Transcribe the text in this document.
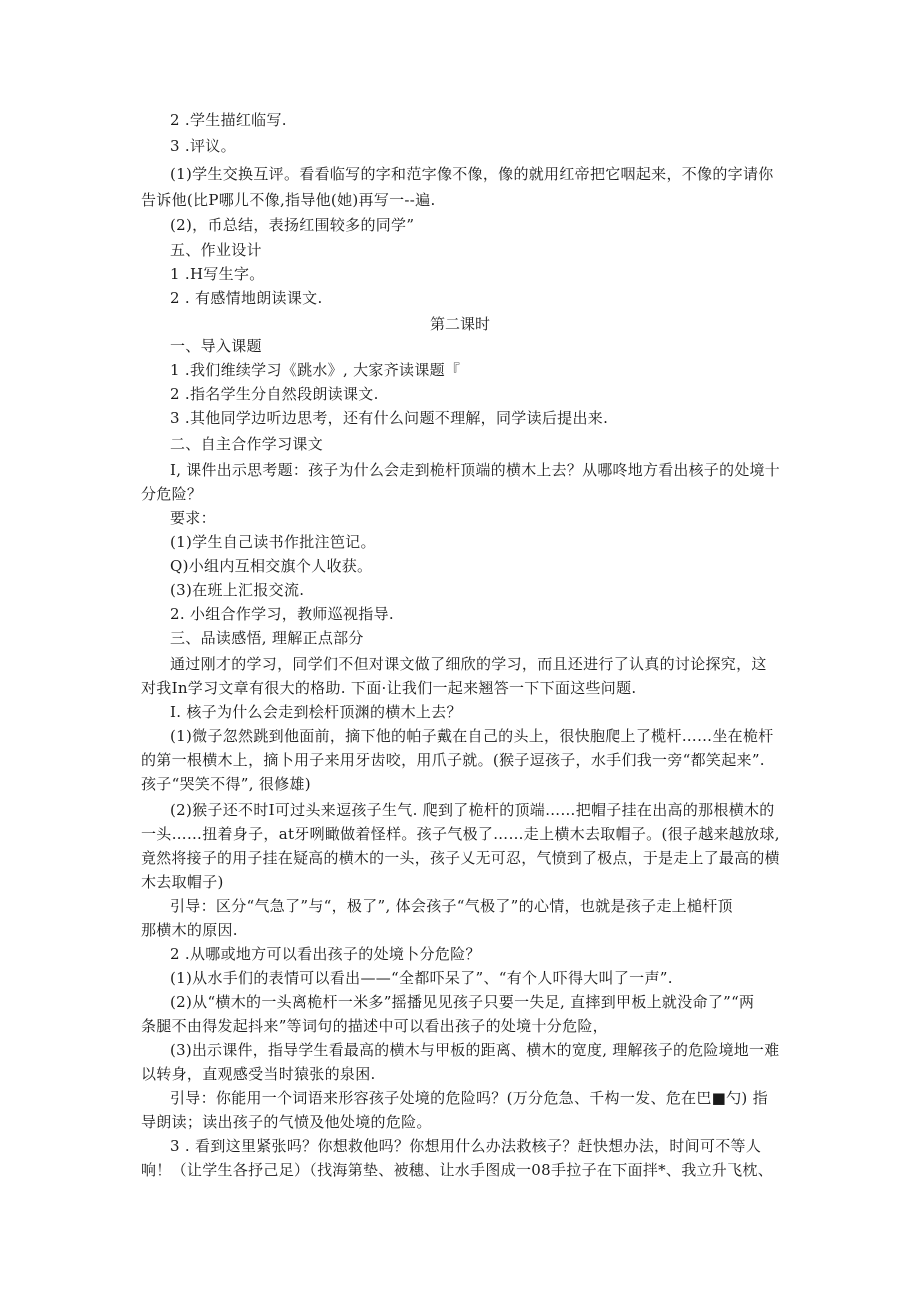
2 .学生描红临写.
3 .评议。
(1)学生交换互评。看看临写的字和范字像不像，像的就用红帝把它咽起来，不像的字请你
告诉他(比P哪儿不像,指导他(她)再写一--遍.
(2)，币总结，表扬红围较多的同学”
五、作业设计
1 .H写生字。
2 . 有感情地朗读课文.
第二课时
一、导入课题
1 .我们维续学习《跳水》, 大家齐读课题『
2 .指名学生分自然段朗读课文.
3 .其他同学边听边思考，还有什么问题不理解，同学读后提出来.
二、自主合作学习课文
I, 课件出示思考题：孩子为什么会走到桅杆顶端的横木上去？从哪咚地方看出核子的处境十
分危险？
要求：
(1)学生自己读书作批注笆记。
Q)小组内互相交旗个人收获。
(3)在班上汇报交流.
2. 小组合作学习，教师巡视指导.
三、品读感悟, 理解正点部分
通过刚才的学习，同学们不但对课文做了细欣的学习，而且还进行了认真的讨论探究，这
对我In学习文章有很大的格助. 下面·让我们一起来翘答一下下面这些问题.
I. 核子为什么会走到桧杆顶渊的横木上去？
(1)微子忽然跳到他面前，摘下他的帕子戴在自己的头上，很快胞爬上了榄杆……坐在桅杆
的第一根横木上，摘卜用子来用牙齿咬，用爪子就。(猴子逗孩子，水手们我一旁“都笑起来”.
孩子“哭笑不得”, 很修雄)
(2)猴子还不时I可过头来逗孩子生气. 爬到了桅杆的顶端……把帽子挂在出高的那根横木的
一头……扭着身子，at牙咧瞰做着怪样。孩子气极了……走上横木去取帽子。(很子越来越放球,
竟然将接子的用子挂在疑高的横木的一头，孩子乂无可忍，气愤到了极点，于是走上了最高的横
木去取帽子)
引导：区分“气急了”与“，极了”, 体会孩子“气极了”的心情，也就是孩子走上槌杆顶
那横木的原因.
2 .从哪或地方可以看出孩子的处境卜分危险？
(1)从水手们的表情可以看出——“全都吓呆了”、“有个人吓得大叫了一声”.
(2)从“横木的一头离桅杆一米多”摇播见见孩子只要一失足, 直摔到甲板上就没命了”“两
条腿不由得发起抖来”等词句的描述中可以看出孩子的处境十分危险，
(3)出示课件，指导学生看最高的横木与甲板的距离、横木的宽度, 理解孩子的危险境地一难
以转身，直观感受当时猿张的泉困.
引导：你能用一个词语来形容孩子处境的危险吗？(万分危急、千构一发、危在巴■勺) 指
导朗读；读出孩子的气愤及他处境的危险。
3 . 看到这里紧张吗？你想救他吗？你想用什么办法救核子？赶快想办法，时间可不等人
响！（让学生各抒己足）（找海第垫、被穗、让水手图成一08手拉子在下面拌*、我立升飞枕、
